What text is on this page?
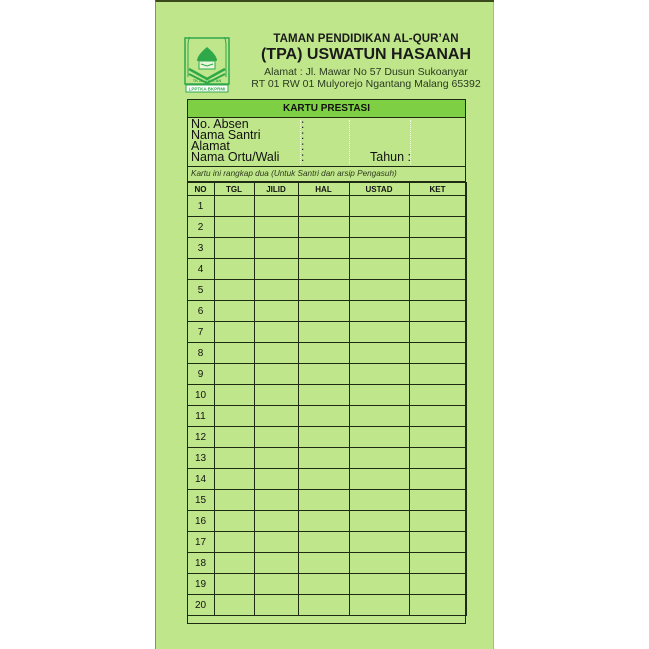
TK AL-QUR'AN
LPPTKA BKPRMI
TAMAN PENDIDIKAN AL-QUR’AN
(TPA) USWATUN HASANAH
Alamat : Jl. Mawar No 57 Dusun Sukoanyar
RT 01 RW 01 Mulyorejo Ngantang Malang 65392
KARTU PRESTASI
No. Absen	:
Nama Santri	:
Alamat	:
Nama Ortu/Wali :	Tahun :
Kartu ini rangkap dua (Untuk Santri dan arsip Pengasuh)
NO	TGL	JILID	HAL	USTAD	KET
1					
2					
3					
4					
5					
6					
7					
8					
9					
10					
11					
12					
13					
14					
15					
16					
17					
18					
19					
20					
